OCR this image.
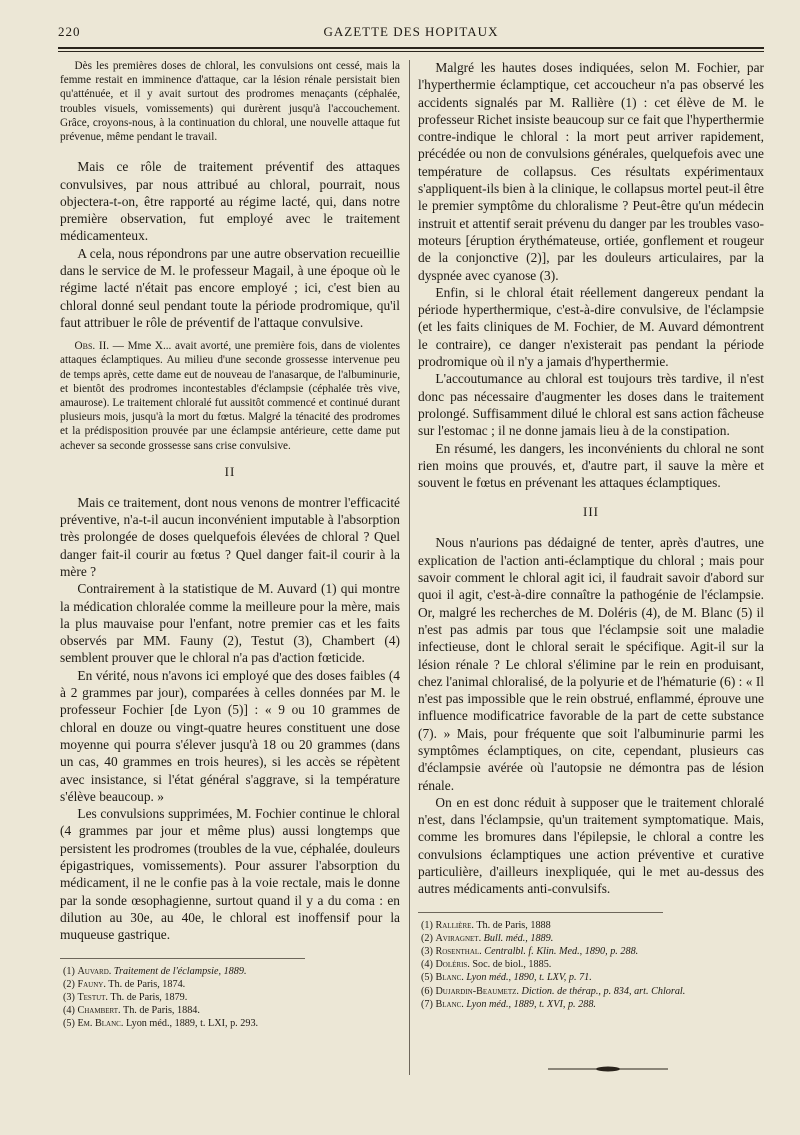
220	GAZETTE DES HOPITAUX

Dès les premières doses de chloral, les convulsions ont cessé, mais la femme restait en imminence d'attaque, car la lésion rénale persistait bien qu'atténuée, et il y avait surtout des prodromes menaçants (céphalée, troubles visuels, vomissements) qui durèrent jusqu'à l'accouchement. Grâce, croyons-nous, à la continuation du chloral, une nouvelle attaque fut prévenue, même pendant le travail.

Mais ce rôle de traitement préventif des attaques convulsives, par nous attribué au chloral, pourrait, nous objectera-t-on, être rapporté au régime lacté, qui, dans notre première observation, fut employé avec le traitement médicamenteux.

A cela, nous répondrons par une autre observation recueillie dans le service de M. le professeur Magail, à une époque où le régime lacté n'était pas encore employé ; ici, c'est bien au chloral donné seul pendant toute la période prodromique, qu'il faut attribuer le rôle de préventif de l'attaque convulsive.

Obs. II. — Mme X... avait avorté, une première fois, dans de violentes attaques éclamptiques. Au milieu d'une seconde grossesse intervenue peu de temps après, cette dame eut de nouveau de l'anasarque, de l'albuminurie, et bientôt des prodromes incontestables d'éclampsie (céphalée très vive, amaurose). Le traitement chloralé fut aussitôt commencé et continué durant plusieurs mois, jusqu'à la mort du fœtus. Malgré la ténacité des prodromes et la prédisposition prouvée par une éclampsie antérieure, cette dame put achever sa seconde grossesse sans crise convulsive.

II

Mais ce traitement, dont nous venons de montrer l'efficacité préventive, n'a-t-il aucun inconvénient imputable à l'absorption très prolongée de doses quelquefois élevées de chloral ? Quel danger fait-il courir au fœtus ? Quel danger fait-il courir à la mère ?

Contrairement à la statistique de M. Auvard (1) qui montre la médication chloralée comme la meilleure pour la mère, mais la plus mauvaise pour l'enfant, notre premier cas et les faits observés par MM. Fauny (2), Testut (3), Chambert (4) semblent prouver que le chloral n'a pas d'action fœticide.

En vérité, nous n'avons ici employé que des doses faibles (4 à 2 grammes par jour), comparées à celles données par M. le professeur Fochier [de Lyon (5)] : « 9 ou 10 grammes de chloral en douze ou vingt-quatre heures constituent une dose moyenne qui pourra s'élever jusqu'à 18 ou 20 grammes (dans un cas, 40 grammes en trois heures), si les accès se répètent avec insistance, si l'état général s'aggrave, si la température s'élève beaucoup. »

Les convulsions supprimées, M. Fochier continue le chloral (4 grammes par jour et même plus) aussi longtemps que persistent les prodromes (troubles de la vue, céphalée, douleurs épigastriques, vomissements). Pour assurer l'absorption du médicament, il ne le confie pas à la voie rectale, mais le donne par la sonde œsophagienne, surtout quand il y a du coma : en dilution au 30e, au 40e, le chloral est inoffensif pour la muqueuse gastrique.

(1) Auvard. Traitement de l'éclampsie, 1889.
(2) Fauny. Th. de Paris, 1874.
(3) Testut. Th. de Paris, 1879.
(4) Chambert. Th. de Paris, 1884.
(5) Em. Blanc. Lyon méd., 1889, t. LXI, p. 293.

Malgré les hautes doses indiquées, selon M. Fochier, par l'hyperthermie éclamptique, cet accoucheur n'a pas observé les accidents signalés par M. Rallière (1) : cet élève de M. le professeur Richet insiste beaucoup sur ce fait que l'hyperthermie contre-indique le chloral : la mort peut arriver rapidement, précédée ou non de convulsions générales, quelquefois avec une température de collapsus. Ces résultats expérimentaux s'appliquent-ils bien à la clinique, le collapsus mortel peut-il être le premier symptôme du chloralisme ? Peut-être qu'un médecin instruit et attentif serait prévenu du danger par les troubles vaso-moteurs [éruption érythémateuse, ortiée, gonflement et rougeur de la conjonctive (2)], par les douleurs articulaires, par la dyspnée avec cyanose (3).

Enfin, si le chloral était réellement dangereux pendant la période hyperthermique, c'est-à-dire convulsive, de l'éclampsie (et les faits cliniques de M. Fochier, de M. Auvard démontrent le contraire), ce danger n'existerait pas pendant la période prodromique où il n'y a jamais d'hyperthermie.

L'accoutumance au chloral est toujours très tardive, il n'est donc pas nécessaire d'augmenter les doses dans le traitement prolongé. Suffisamment dilué le chloral est sans action fâcheuse sur l'estomac ; il ne donne jamais lieu à de la constipation.

En résumé, les dangers, les inconvénients du chloral ne sont rien moins que prouvés, et, d'autre part, il sauve la mère et souvent le fœtus en prévenant les attaques éclamptiques.

III

Nous n'aurions pas dédaigné de tenter, après d'autres, une explication de l'action anti-éclamptique du chloral ; mais pour savoir comment le chloral agit ici, il faudrait savoir d'abord sur quoi il agit, c'est-à-dire connaître la pathogénie de l'éclampsie. Or, malgré les recherches de M. Doléris (4), de M. Blanc (5) il n'est pas admis par tous que l'éclampsie soit une maladie infectieuse, dont le chloral serait le spécifique. Agit-il sur la lésion rénale ? Le chloral s'élimine par le rein en produisant, chez l'animal chloralisé, de la polyurie et de l'hématurie (6) : « Il n'est pas impossible que le rein obstrué, enflammé, éprouve une influence modificatrice favorable de la part de cette substance (7). » Mais, pour fréquente que soit l'albuminurie parmi les symptômes éclamptiques, on cite, cependant, plusieurs cas d'éclampsie avérée où l'autopsie ne démontra pas de lésion rénale.

On en est donc réduit à supposer que le traitement chloralé n'est, dans l'éclampsie, qu'un traitement symptomatique. Mais, comme les bromures dans l'épilepsie, le chloral a contre les convulsions éclamptiques une action préventive et curative particulière, d'ailleurs inexpliquée, qui le met au-dessus des autres médicaments anti-convulsifs.

(1) Rallière. Th. de Paris, 1888
(2) Aviragnet. Bull. méd., 1889.
(3) Rosenthal. Centralbl. f. Klin. Med., 1890, p. 288.
(4) Doléris. Soc. de biol., 1885.
(5) Blanc. Lyon méd., 1890, t. LXV, p. 71.
(6) Dujardin-Beaumetz. Diction. de thérap., p. 834, art. Chloral.
(7) Blanc. Lyon méd., 1889, t. XVI, p. 288.
